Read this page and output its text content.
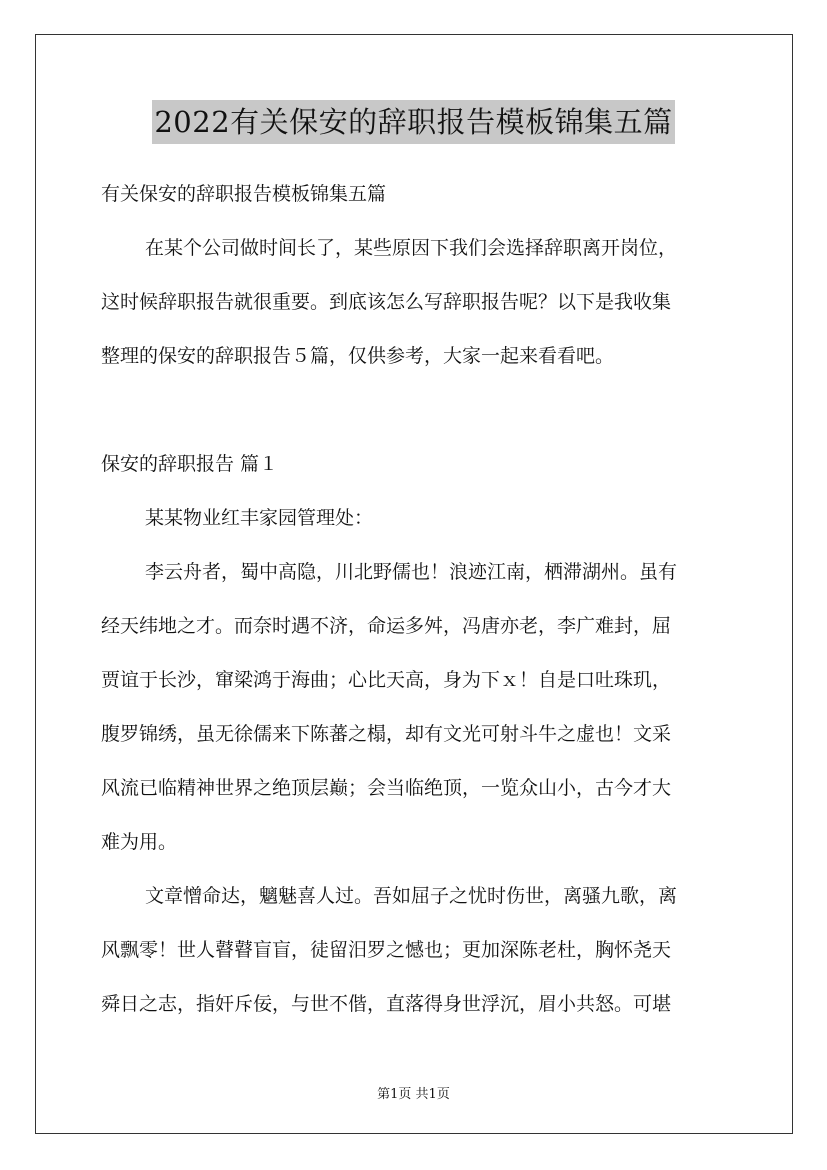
2022有关保安的辞职报告模板锦集五篇

有关保安的辞职报告模板锦集五篇

在某个公司做时间长了，某些原因下我们会选择辞职离开岗位，

这时候辞职报告就很重要。到底该怎么写辞职报告呢？以下是我收集

整理的保安的辞职报告５篇，仅供参考，大家一起来看看吧。

保安的辞职报告 篇１

某某物业红丰家园管理处：

李云舟者，蜀中高隐，川北野儒也！浪迹江南，栖滞湖州。虽有

经天纬地之才。而奈时遇不济，命运多舛，冯唐亦老，李广难封，屈

贾谊于长沙，窜梁鸿于海曲；心比天高，身为下ｘ！自是口吐珠玑，

腹罗锦绣，虽无徐儒来下陈蕃之榻，却有文光可射斗牛之虚也！文采

风流已临精神世界之绝顶层巅；会当临绝顶，一览众山小，古今才大

难为用。

文章憎命达，魑魅喜人过。吾如屈子之忧时伤世，离骚九歌，离

风飘零！世人瞽瞽盲盲，徒留汨罗之憾也；更加深陈老杜，胸怀尧天

舜日之志，指奸斥佞，与世不偕，直落得身世浮沉，眉小共怒。可堪

第1页 共1页
